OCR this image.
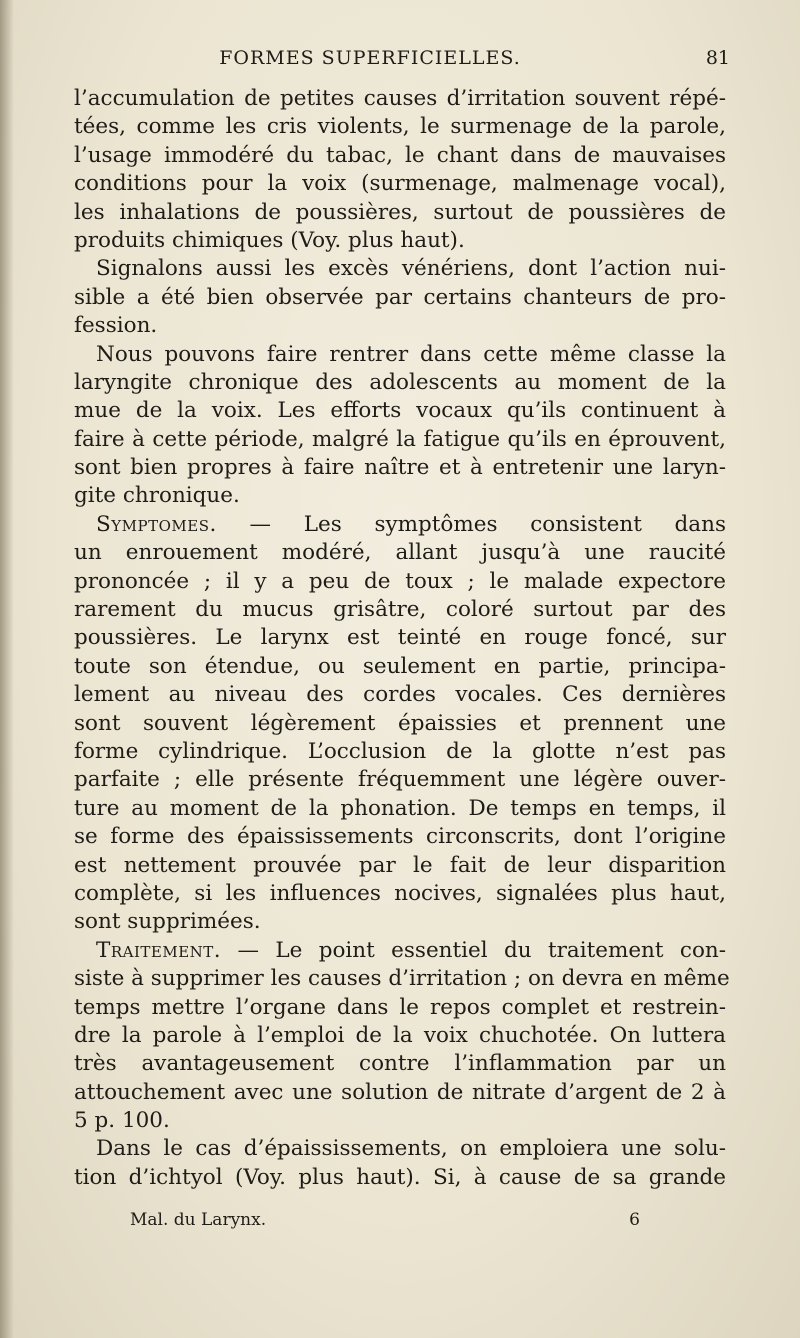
FORMES SUPERFICIELLES.	81
l’accumulation de petites causes d’irritation souvent répé-
tées, comme les cris violents, le surmenage de la parole,
l’usage immodéré du tabac, le chant dans de mauvaises
conditions pour la voix (surmenage, malmenage vocal),
les inhalations de poussières, surtout de poussières de
produits chimiques (Voy. plus haut).
Signalons aussi les excès vénériens, dont l’action nui-
sible a été bien observée par certains chanteurs de pro-
fession.
Nous pouvons faire rentrer dans cette même classe la
laryngite chronique des adolescents au moment de la
mue de la voix. Les efforts vocaux qu’ils continuent à
faire à cette période, malgré la fatigue qu’ils en éprouvent,
sont bien propres à faire naître et à entretenir une laryn-
gite chronique.
Symptomes. — Les symptômes consistent dans
un enrouement modéré, allant jusqu’à une raucité
prononcée ; il y a peu de toux ; le malade expectore
rarement du mucus grisâtre, coloré surtout par des
poussières. Le larynx est teinté en rouge foncé, sur
toute son étendue, ou seulement en partie, principa-
lement au niveau des cordes vocales. Ces dernières
sont souvent légèrement épaissies et prennent une
forme cylindrique. L’occlusion de la glotte n’est pas
parfaite ; elle présente fréquemment une légère ouver-
ture au moment de la phonation. De temps en temps, il
se forme des épaississements circonscrits, dont l’origine
est nettement prouvée par le fait de leur disparition
complète, si les influences nocives, signalées plus haut,
sont supprimées.
Traitement. — Le point essentiel du traitement con-
siste à supprimer les causes d’irritation ; on devra en même
temps mettre l’organe dans le repos complet et restrein-
dre la parole à l’emploi de la voix chuchotée. On luttera
très avantageusement contre l’inflammation par un
attouchement avec une solution de nitrate d’argent de 2 à
5 p. 100.
Dans le cas d’épaississements, on emploiera une solu-
tion d’ichtyol (Voy. plus haut). Si, à cause de sa grande
Mal. du Larynx.	6
